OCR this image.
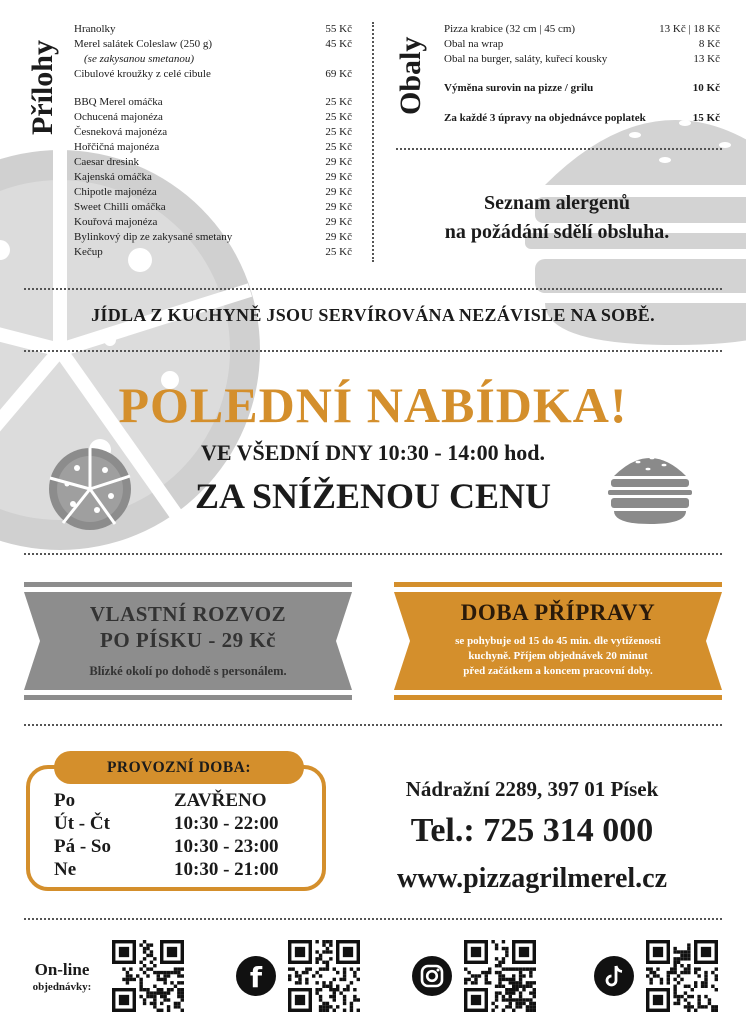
Přílohy	Obaly
Hranolky	55 Kč
Merel salátek Coleslaw (250 g)	45 Kč
(se zakysanou smetanou)
Cibulové kroužky z celé cibule	69 Kč
BBQ Merel omáčka	25 Kč
Ochucená majonéza	25 Kč
Česneková majonéza	25 Kč
Hořčičná majonéza	25 Kč
Caesar dresink	29 Kč
Kajenská omáčka	29 Kč
Chipotle majonéza	29 Kč
Sweet Chilli omáčka	29 Kč
Kouřová majonéza	29 Kč
Bylinkový dip ze zakysané smetany	29 Kč
Kečup	25 Kč
Pizza krabice (32 cm | 45 cm)	13 Kč | 18 Kč
Obal na wrap	8 Kč
Obal na burger, saláty, kuřecí kousky	13 Kč
Výměna surovin na pizze / grilu	10 Kč
Za každé 3 úpravy na objednávce poplatek	15 Kč
Seznam alergenů
na požádání sdělí obsluha.
JÍDLA Z KUCHYNĚ JSOU SERVÍROVÁNA NEZÁVISLE NA SOBĚ.
POLEDNÍ NABÍDKA!
VE VŠEDNÍ DNY 10:30 - 14:00 hod.
ZA SNÍŽENOU CENU
VLASTNÍ ROZVOZ
PO PÍSKU - 29 Kč
Blízké okolí po dohodě s personálem.
DOBA PŘÍPRAVY
se pohybuje od 15 do 45 min. dle vytíženosti
kuchyně. Příjem objednávek 20 minut
před začátkem a koncem pracovní doby.
PROVOZNÍ DOBA:
Po	ZAVŘENO
Út - Čt	10:30 - 22:00
Pá - So	10:30 - 23:00
Ne	10:30 - 21:00
Nádražní 2289, 397 01 Písek
Tel.: 725 314 000
www.pizzagrilmerel.cz
On-line
objednávky:	f
